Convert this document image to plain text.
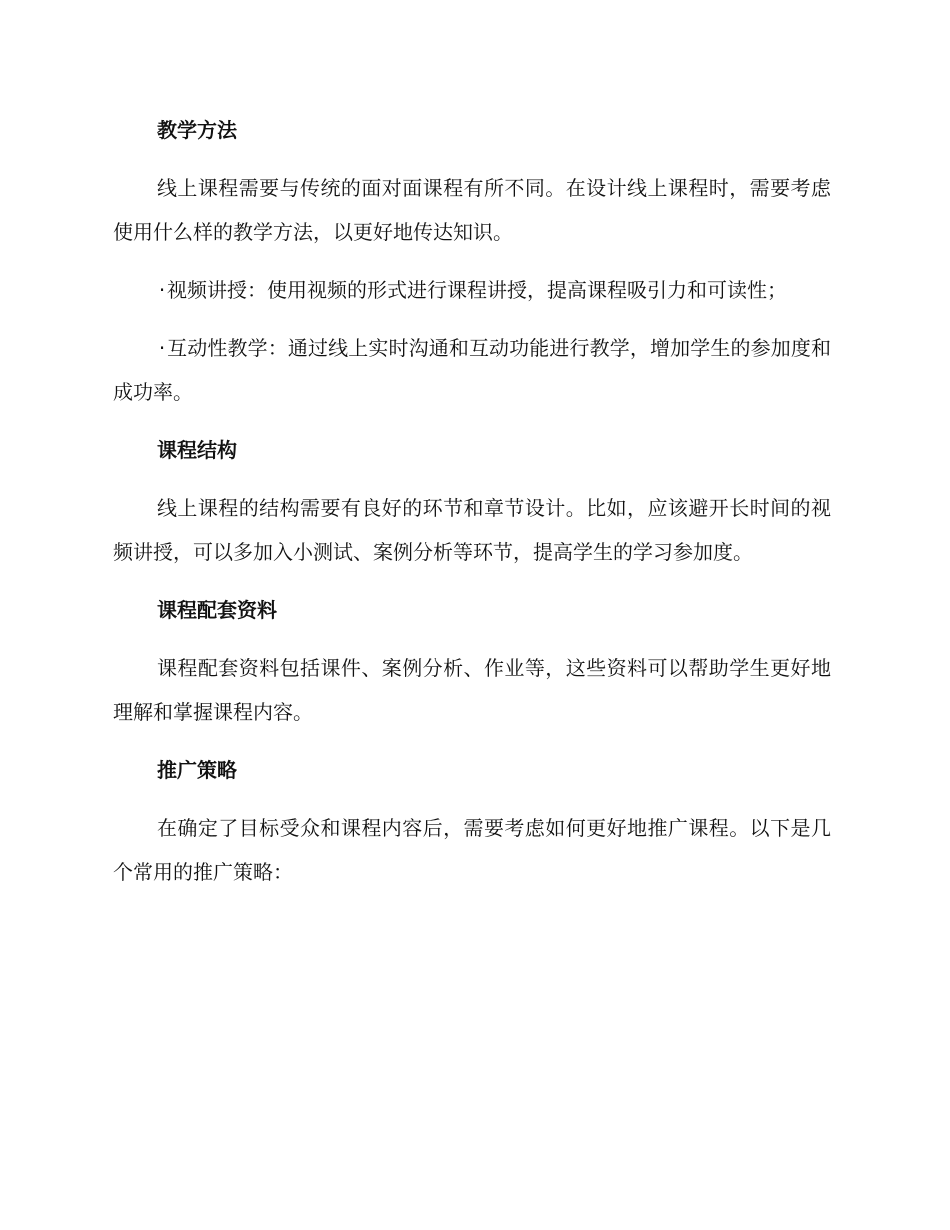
教学方法

线上课程需要与传统的面对面课程有所不同。在设计线上课程时，需要考虑使用什么样的教学方法，以更好地传达知识。

·视频讲授：使用视频的形式进行课程讲授，提高课程吸引力和可读性；

·互动性教学：通过线上实时沟通和互动功能进行教学，增加学生的参加度和成功率。

课程结构

线上课程的结构需要有良好的环节和章节设计。比如，应该避开长时间的视频讲授，可以多加入小测试、案例分析等环节，提高学生的学习参加度。

课程配套资料

课程配套资料包括课件、案例分析、作业等，这些资料可以帮助学生更好地理解和掌握课程内容。

推广策略

在确定了目标受众和课程内容后，需要考虑如何更好地推广课程。以下是几个常用的推广策略：
